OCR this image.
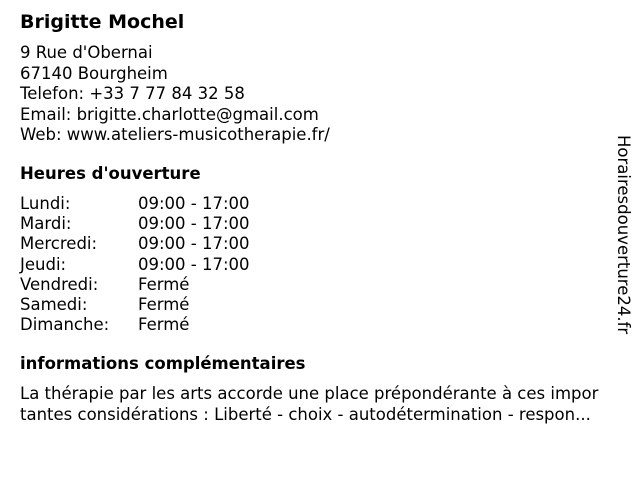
Brigitte Mochel
9 Rue d'Obernai
67140 Bourgheim
Telefon: +33 7 77 84 32 58
Email: brigitte.charlotte@gmail.com
Web: www.ateliers-musicotherapie.fr/
Heures d'ouverture
Lundi:	09:00 - 17:00
Mardi:	09:00 - 17:00
Mercredi: 09:00 - 17:00
Jeudi:	09:00 - 17:00
Vendredi: Fermé
Samedi:	Fermé
Dimanche: Fermé
informations complémentaires
La thérapie par les arts accorde une place prépondérante à ces impor
tantes considérations : Liberté - choix - autodétermination - respon...
Horairesdouverture24.fr
